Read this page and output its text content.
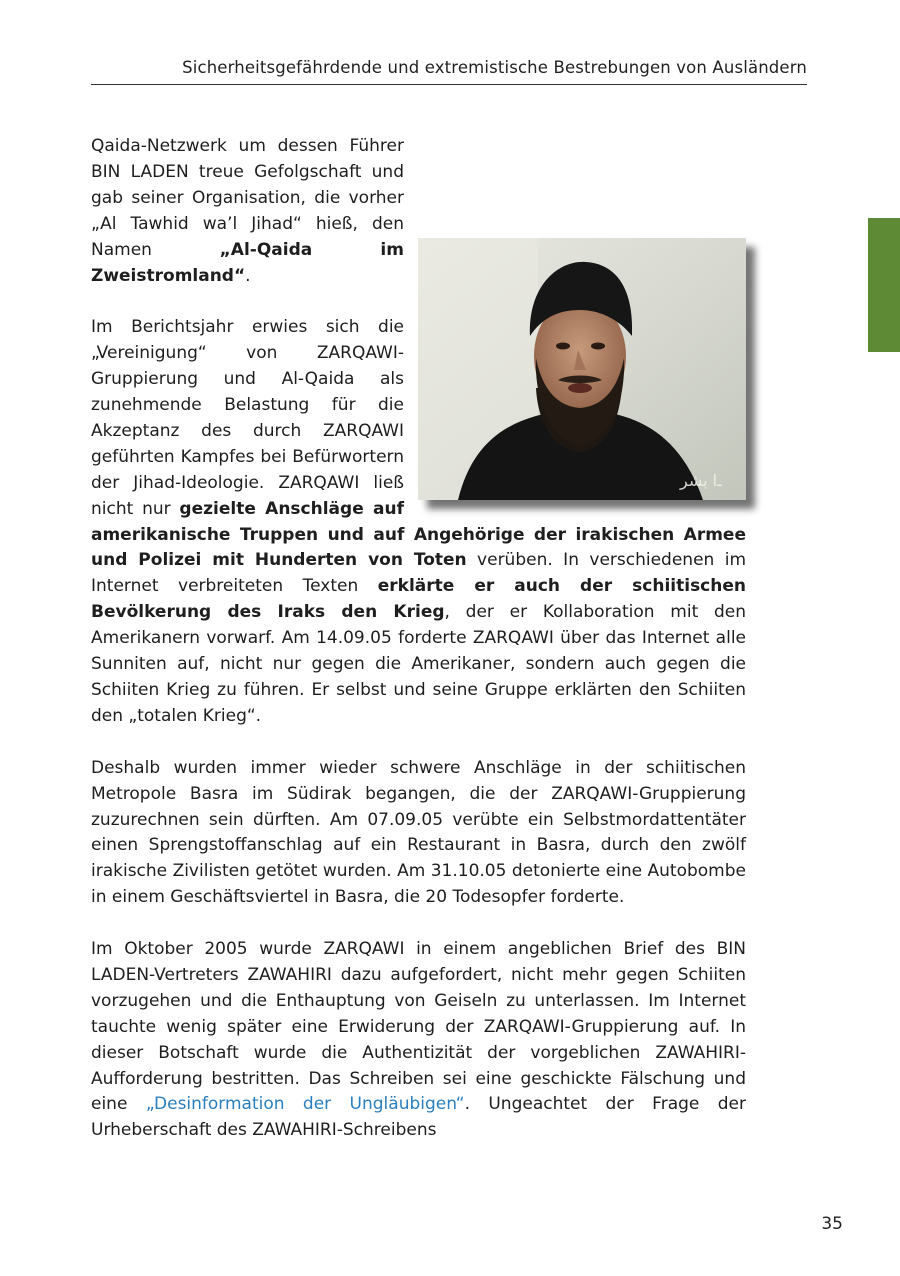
Sicherheitsgefährdende und extremistische Bestrebungen von Ausländern
ـﺍ ﻳﺸﺮ

Qaida-Netzwerk um dessen Führer BIN LADEN treue Gefolgschaft und gab seiner Organisation, die vorher „Al Tawhid wa’l Jihad“ hieß, den Namen „Al-Qaida im Zweistromland“.

Im Berichtsjahr erwies sich die „Vereinigung“ von ZARQAWI-Gruppierung und Al-Qaida als zunehmende Belastung für die Akzeptanz des durch ZARQAWI geführten Kampfes bei Befürwortern der Jihad-Ideologie. ZARQAWI ließ nicht nur gezielte Anschläge auf amerikanische Truppen und auf Angehörige der irakischen Armee und Polizei mit Hunderten von Toten verüben. In verschiedenen im Internet verbreiteten Texten erklärte er auch der schiitischen Bevölkerung des Iraks den Krieg, der er Kollaboration mit den Amerikanern vorwarf. Am 14.09.05 forderte ZARQAWI über das Internet alle Sunniten auf, nicht nur gegen die Amerikaner, sondern auch gegen die Schiiten Krieg zu führen. Er selbst und seine Gruppe erklärten den Schiiten den „totalen Krieg“.

Deshalb wurden immer wieder schwere Anschläge in der schiitischen Metropole Basra im Südirak begangen, die der ZARQAWI-Gruppierung zuzurechnen sein dürften. Am 07.09.05 verübte ein Selbstmordattentäter einen Sprengstoffanschlag auf ein Restaurant in Basra, durch den zwölf irakische Zivilisten getötet wurden. Am 31.10.05 detonierte eine Autobombe in einem Geschäftsviertel in Basra, die 20 Todesopfer forderte.

Im Oktober 2005 wurde ZARQAWI in einem angeblichen Brief des BIN LADEN-Vertreters ZAWAHIRI dazu aufgefordert, nicht mehr gegen Schiiten vorzugehen und die Enthauptung von Geiseln zu unterlassen. Im Internet tauchte wenig später eine Erwiderung der ZARQAWI-Gruppierung auf. In dieser Botschaft wurde die Authentizität der vorgeblichen ZAWAHIRI-Aufforderung bestritten. Das Schreiben sei eine geschickte Fälschung und eine „Desinformation der Ungläubigen“. Ungeachtet der Frage der Urheberschaft des ZAWAHIRI-Schreibens

35
